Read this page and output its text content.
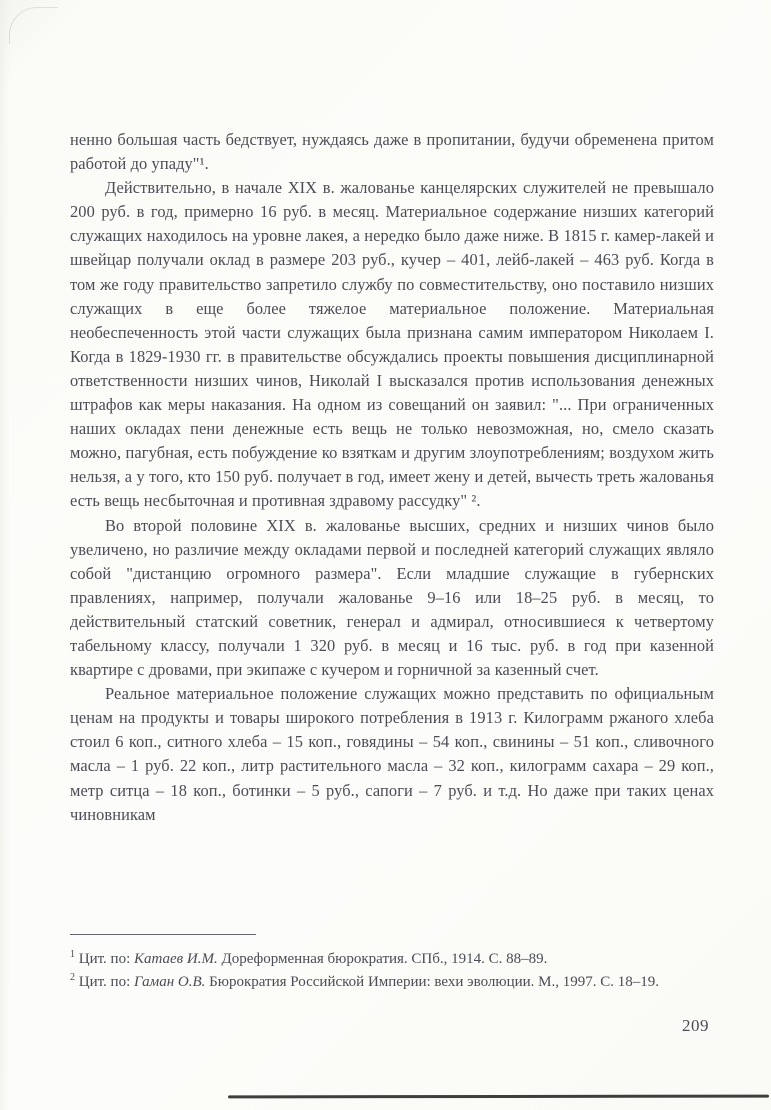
ненно большая часть бедствует, нуждаясь даже в пропитании, будучи обременена притом работой до упаду"¹.

Действительно, в начале XIX в. жалованье канцелярских служителей не превышало 200 руб. в год, примерно 16 руб. в месяц. Материальное содержание низших категорий служащих находилось на уровне лакея, а нередко было даже ниже. В 1815 г. камер-лакей и швейцар получали оклад в размере 203 руб., кучер – 401, лейб-лакей – 463 руб. Когда в том же году правительство запретило службу по совместительству, оно поставило низших служащих в еще более тяжелое материальное положение. Материальная необеспеченность этой части служащих была признана самим императором Николаем I. Когда в 1829-1930 гг. в правительстве обсуждались проекты повышения дисциплинарной ответственности низших чинов, Николай I высказался против использования денежных штрафов как меры наказания. На одном из совещаний он заявил: "... При ограниченных наших окладах пени денежные есть вещь не только невозможная, но, смело сказать можно, пагубная, есть побуждение ко взяткам и другим злоупотреблениям; воздухом жить нельзя, а у того, кто 150 руб. получает в год, имеет жену и детей, вычесть треть жалованья есть вещь несбыточная и противная здравому рассудку" ².

Во второй половине XIX в. жалованье высших, средних и низших чинов было увеличено, но различие между окладами первой и последней категорий служащих являло собой "дистанцию огромного размера". Если младшие служащие в губернских правлениях, например, получали жалованье 9–16 или 18–25 руб. в месяц, то действительный статский советник, генерал и адмирал, относившиеся к четвертому табельному классу, получали 1 320 руб. в месяц и 16 тыс. руб. в год при казенной квартире с дровами, при экипаже с кучером и горничной за казенный счет.

Реальное материальное положение служащих можно представить по официальным ценам на продукты и товары широкого потребления в 1913 г. Килограмм ржаного хлеба стоил 6 коп., ситного хлеба – 15 коп., говядины – 54 коп., свинины – 51 коп., сливочного масла – 1 руб. 22 коп., литр растительного масла – 32 коп., килограмм сахара – 29 коп., метр ситца – 18 коп., ботинки – 5 руб., сапоги – 7 руб. и т.д. Но даже при таких ценах чиновникам

$^1$ Цит. по: Катаев И.М. Дореформенная бюрократия. СПб., 1914. С. 88–89.

$^2$ Цит. по: Гаман О.В. Бюрократия Российской Империи: вехи эволюции. М., 1997. С. 18–19.

209
